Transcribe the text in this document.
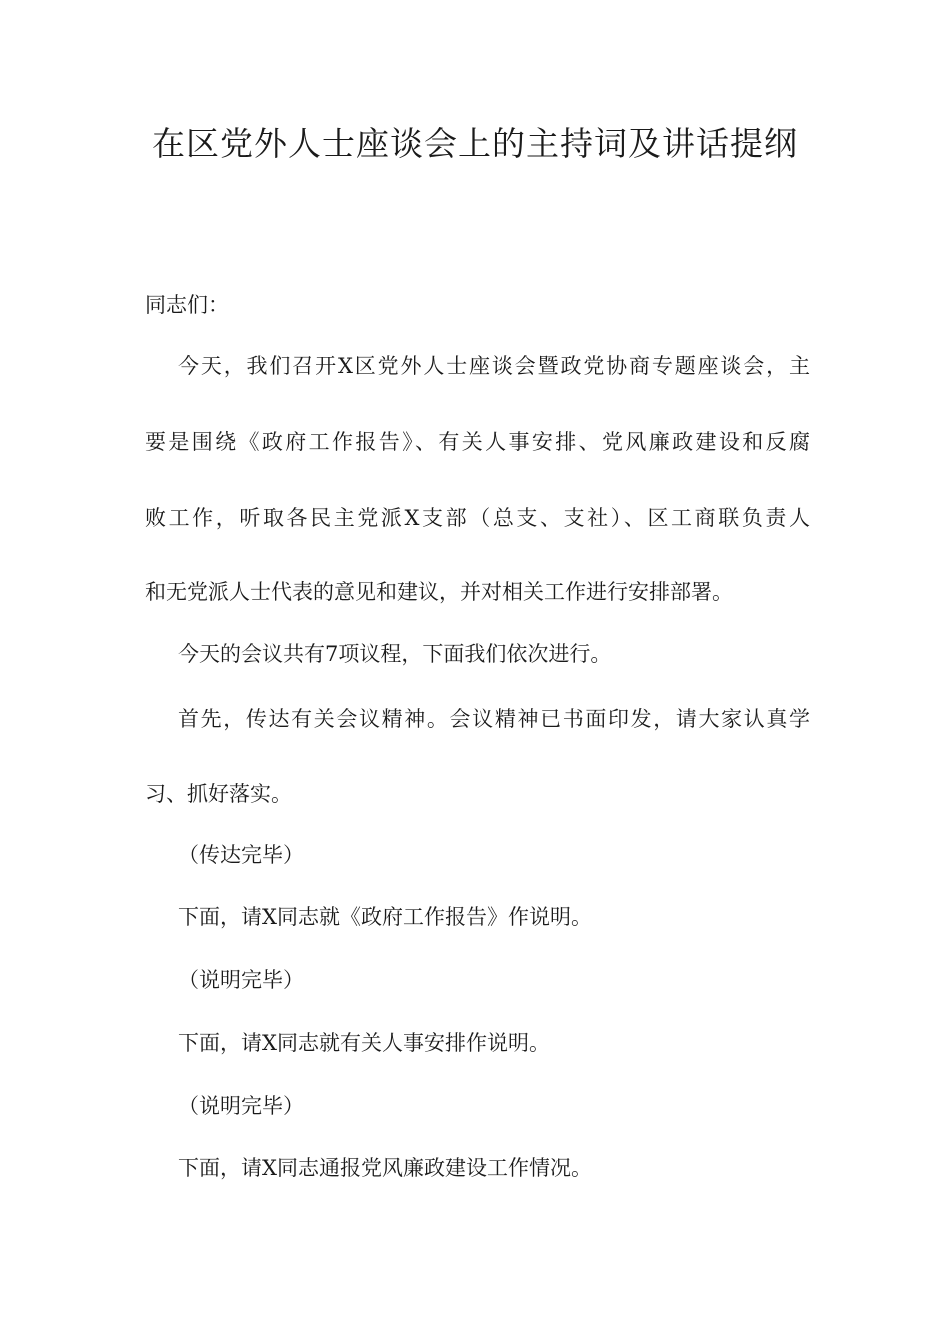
在区党外人士座谈会上的主持词及讲话提纲

同志们：

今天，我们召开X区党外人士座谈会暨政党协商专题座谈会，主

要是围绕《政府工作报告》、有关人事安排、党风廉政建设和反腐

败工作，听取各民主党派X支部（总支、支社）、区工商联负责人

和无党派人士代表的意见和建议，并对相关工作进行安排部署。

今天的会议共有7项议程，下面我们依次进行。

首先，传达有关会议精神。会议精神已书面印发，请大家认真学

习、抓好落实。

（传达完毕）

下面，请X同志就《政府工作报告》作说明。

（说明完毕）

下面，请X同志就有关人事安排作说明。

（说明完毕）

下面，请X同志通报党风廉政建设工作情况。
